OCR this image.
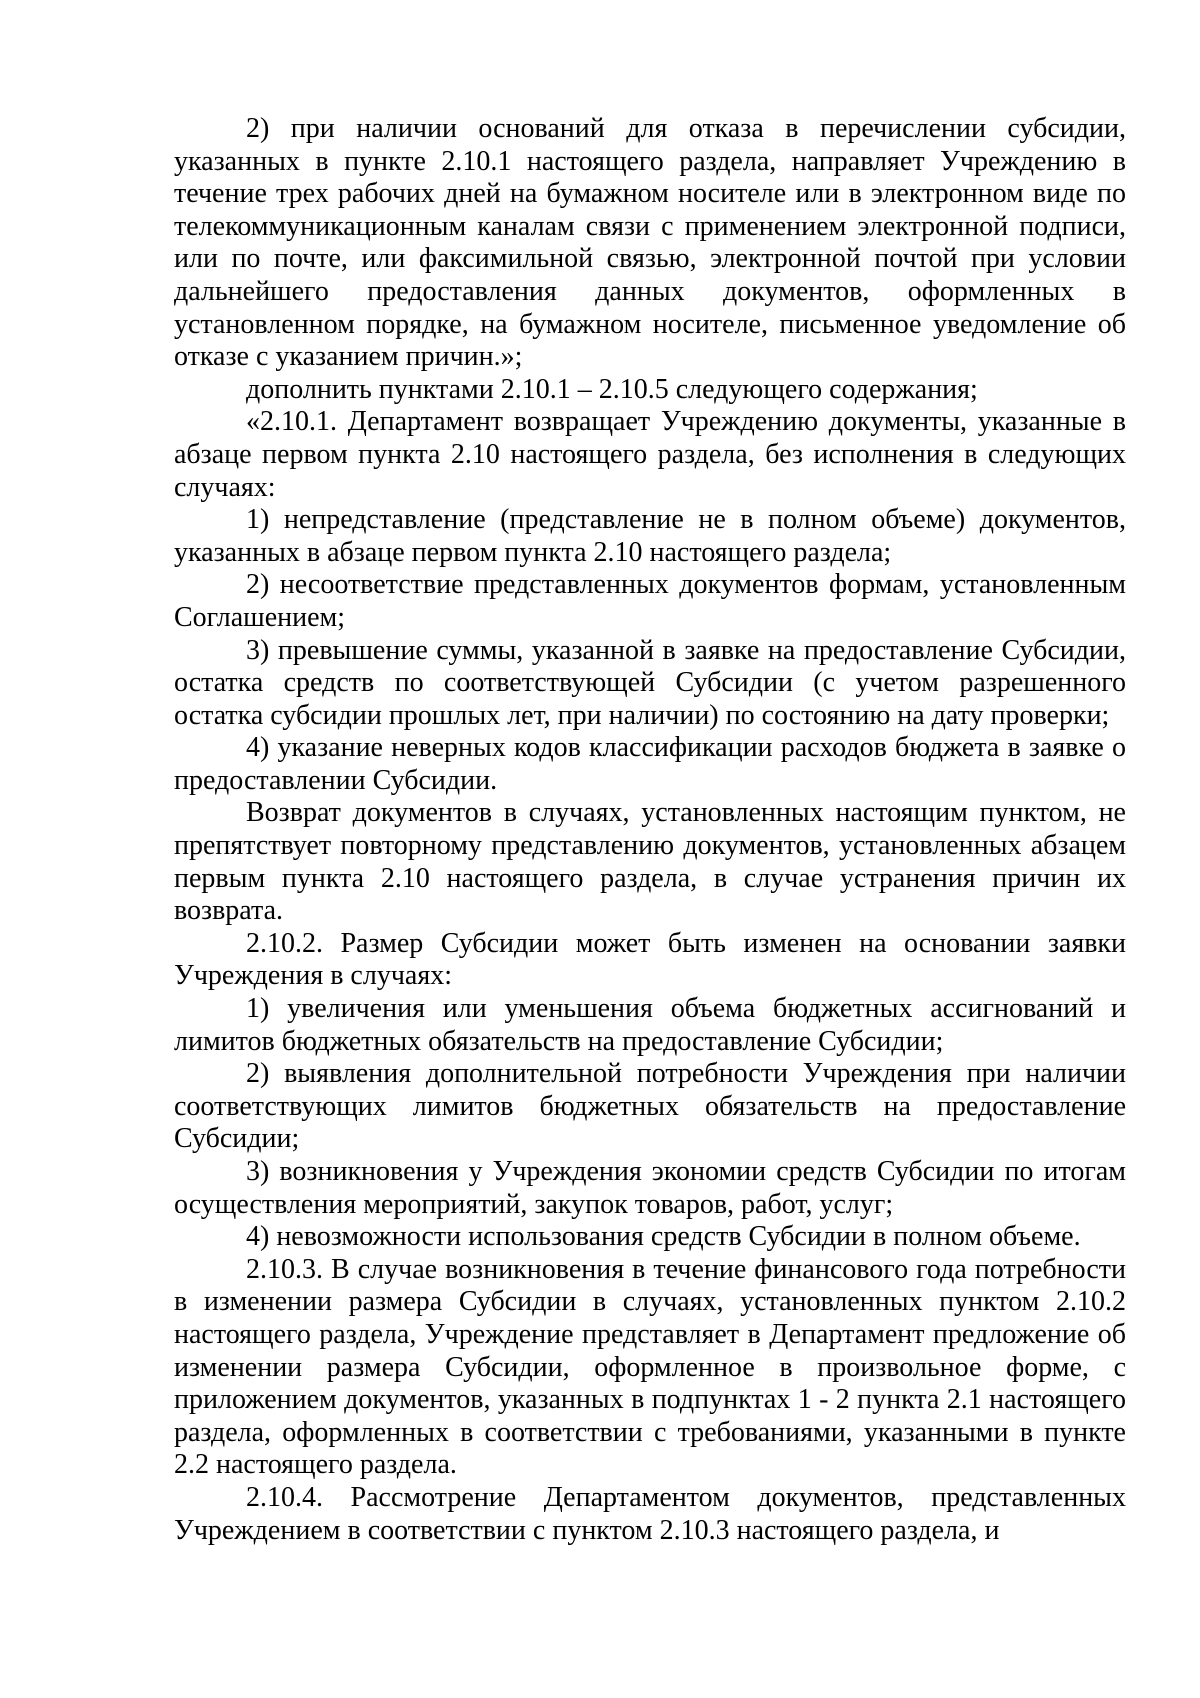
2) при наличии оснований для отказа в перечислении субсидии, указанных в пункте 2.10.1 настоящего раздела, направляет Учреждению в течение трех рабочих дней на бумажном носителе или в электронном виде по телекоммуникационным каналам связи с применением электронной подписи, или по почте, или факсимильной связью, электронной почтой при условии дальнейшего предоставления данных документов, оформленных в установленном порядке, на бумажном носителе, письменное уведомление об отказе с указанием причин.»;

дополнить пунктами 2.10.1 – 2.10.5 следующего содержания;

«2.10.1. Департамент возвращает Учреждению документы, указанные в абзаце первом пункта 2.10 настоящего раздела, без исполнения в следующих случаях:

1) непредставление (представление не в полном объеме) документов, указанных в абзаце первом пункта 2.10 настоящего раздела;

2) несоответствие представленных документов формам, установленным Соглашением;

3) превышение суммы, указанной в заявке на предоставление Субсидии, остатка средств по соответствующей Субсидии (с учетом разрешенного остатка субсидии прошлых лет, при наличии) по состоянию на дату проверки;

4) указание неверных кодов классификации расходов бюджета в заявке о предоставлении Субсидии.

Возврат документов в случаях, установленных настоящим пунктом, не препятствует повторному представлению документов, установленных абзацем первым пункта 2.10 настоящего раздела, в случае устранения причин их возврата.

2.10.2. Размер Субсидии может быть изменен на основании заявки Учреждения в случаях:

1) увеличения или уменьшения объема бюджетных ассигнований и лимитов бюджетных обязательств на предоставление Субсидии;

2) выявления дополнительной потребности Учреждения при наличии соответствующих лимитов бюджетных обязательств на предоставление Субсидии;

3) возникновения у Учреждения экономии средств Субсидии по итогам осуществления мероприятий, закупок товаров, работ, услуг;

4) невозможности использования средств Субсидии в полном объеме.

2.10.3. В случае возникновения в течение финансового года потребности в изменении размера Субсидии в случаях, установленных пунктом 2.10.2 настоящего раздела, Учреждение представляет в Департамент предложение об изменении размера Субсидии, оформленное в произвольное форме, с приложением документов, указанных в подпунктах 1 - 2 пункта 2.1 настоящего раздела, оформленных в соответствии с требованиями, указанными в пункте 2.2 настоящего раздела.

2.10.4. Рассмотрение Департаментом документов, представленных Учреждением в соответствии с пунктом 2.10.3 настоящего раздела, и
